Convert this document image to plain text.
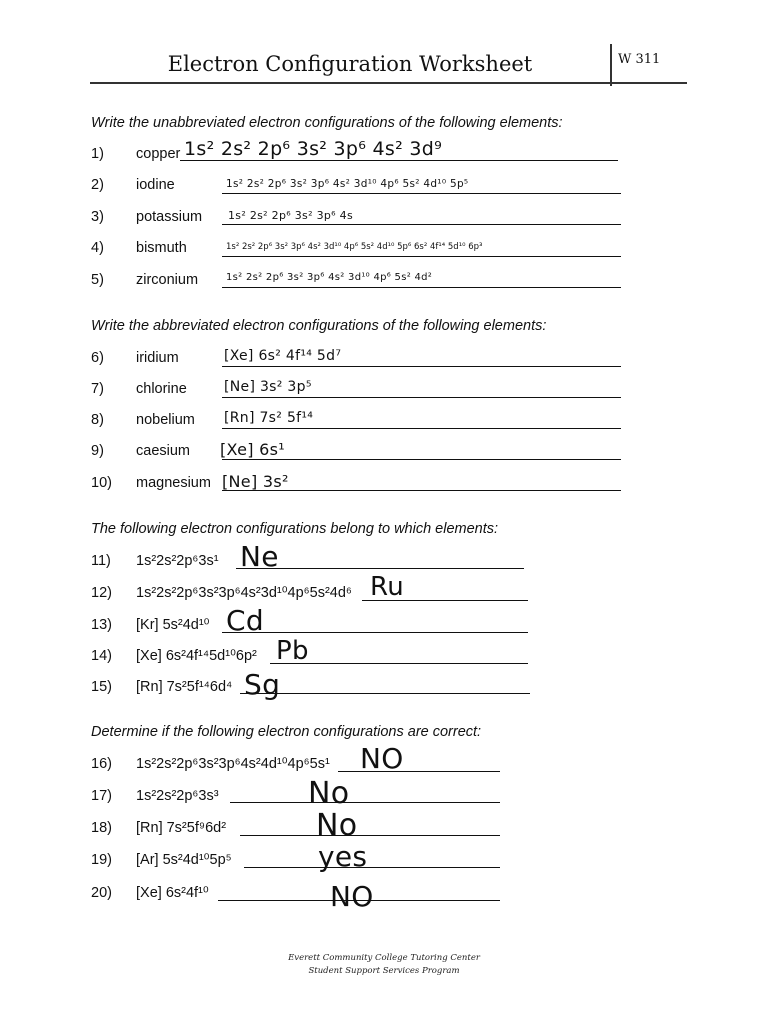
Electron Configuration Worksheet	W 311
Write the unabbreviated electron configurations of the following elements:
1) copper 1s² 2s² 2p⁶ 3s² 3p⁶ 4s² 3d⁹
2) iodine	1s² 2s² 2p⁶ 3s² 3p⁶ 4s² 3d¹⁰ 4p⁶ 5s² 4d¹⁰ 5p⁵
3) potassium 1s² 2s² 2p⁶ 3s² 3p⁶ 4s
4) bismuth	1s² 2s² 2p⁶ 3s² 3p⁶ 4s² 3d¹⁰ 4p⁶ 5s² 4d¹⁰ 5p⁶ 6s² 4f¹⁴ 5d¹⁰ 6p³
5) zirconium	1s² 2s² 2p⁶ 3s² 3p⁶ 4s² 3d¹⁰ 4p⁶ 5s² 4d²
Write the abbreviated electron configurations of the following elements:
6) iridium	[Xe] 6s² 4f¹⁴ 5d⁷
7) chlorine	[Ne] 3s² 3p⁵
8) nobelium [Rn] 7s² 5f¹⁴
9) caesium [Xe] 6s¹
10) magnesium [Ne] 3s²
The following electron configurations belong to which elements:
11) 1s²2s²2p⁶3s¹ Ne
12) 1s²2s²2p⁶3s²3p⁶4s²3d¹⁰4p⁶5s²4d⁶ Ru
13) [Kr] 5s²4d¹⁰ Cd
14) [Xe] 6s²4f¹⁴5d¹⁰6p² Pb
15) [Rn] 7s²5f¹⁴6d⁴ Sg
Determine if the following electron configurations are correct:
16) 1s²2s²2p⁶3s²3p⁶4s²4d¹⁰4p⁶5s¹ NO
17) 1s²2s²2p⁶3s³	No
18) [Rn] 7s²5f⁹6d²	No
19) [Ar] 5s²4d¹⁰5p⁵	yes
20) [Xe] 6s²4f¹⁰	NO
Everett Community College Tutoring Center
Student Support Services Program
